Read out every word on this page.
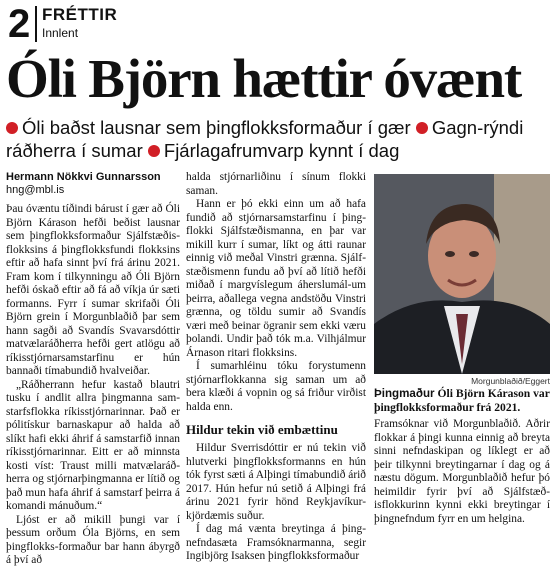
2 FRÉTTIR
Innlent
Óli Björn hættir óvænt
Óli baðst lausnar sem þingflokksformaður í gær Gagn-rýndi ráðherra í sumar Fjárlagafrumvarp kynnt í dag
Hermann Nökkvi Gunnarsson
hng@mbl.is

Þau óvæntu tíðindi bárust í gær að Óli Björn Kárason hefði beðist lausnar sem þingflokksformaður Sjálfstæðis-flokksins á þingflokksfundi flokksins eftir að hafa sinnt því frá árinu 2021. Fram kom í tilkynningu að Óli Björn hefði óskað eftir að fá að víkja úr sæti formanns. Fyrr í sumar skrifaði Óli Björn grein í Morgunblaðið þar sem hann sagði að Svandís Svavarsdóttir matvælaráðherra hefði gert atlögu að ríkisstjórnarsamstarfinu er hún bannaði tímabundið hvalveiðar.

„Ráðherrann hefur kastað blautri tusku í andlit allra þingmanna sam-starfsflokka ríkisstjórnarinnar. Það er pólitískur barnaskapur að halda að slíkt hafi ekki áhrif á samstarfið innan ríkisstjórnarinnar. Eitt er að minnsta kosti víst: Traust milli matvælaráð-herra og stjórnarþingmanna er lítið og það mun hafa áhrif á samstarf þeirra á komandi mánuðum.“

Ljóst er að mikill þungi var í þessum orðum Óla Björns, en sem þingflokks-formaður bar hann ábyrgð á því að

halda stjórnarliðinu í sínum flokki saman.

Hann er þó ekki einn um að hafa fundið að stjórnarsamstarfinu í þing-flokki Sjálfstæðismanna, en þar var mikill kurr í sumar, líkt og átti raunar einnig við meðal Vinstri grænna. Sjálf-stæðismenn fundu að því að lítið hefði miðað í margvíslegum áherslumál-um þeirra, aðallega vegna andstöðu Vinstri grænna, og töldu sumir að Svandís væri með beinar ögranir sem ekki væru þolandi. Undir það tók m.a. Vilhjálmur Árnason ritari flokksins.

Í sumarhléinu tóku forystumenn stjórnarflokkanna sig saman um að bera klæði á vopnin og sá friður virðist halda enn.

Hildur tekin við embættinu

Hildur Sverrisdóttir er nú tekin við hlutverki þingflokksformanns en hún tók fyrst sæti á Alþingi tímabundið árið 2017. Hún hefur nú setið á Alþingi frá árinu 2021 fyrir hönd Reykjavíkur-kjördæmis suður.

Í dag má vænta breytinga á þing-nefndasæta Framsóknarmanna, segir Ingibjörg Isaksen þingflokksformaður

Morgunblaðið/Eggert
Þingmaður Óli Björn Kárason var þingflokksformaður frá 2021.

Framsóknar við Morgunblaðið. Aðrir flokkar á þingi kunna einnig að breyta sinni nefndaskipan og líklegt er að þeir tilkynni breytingarnar í dag og á næstu dögum. Morgunblaðið hefur þó heimildir fyrir því að Sjálfstæð-isflokkurinn kynni ekki breytingar í þingnefndum fyrr en um helgina.
